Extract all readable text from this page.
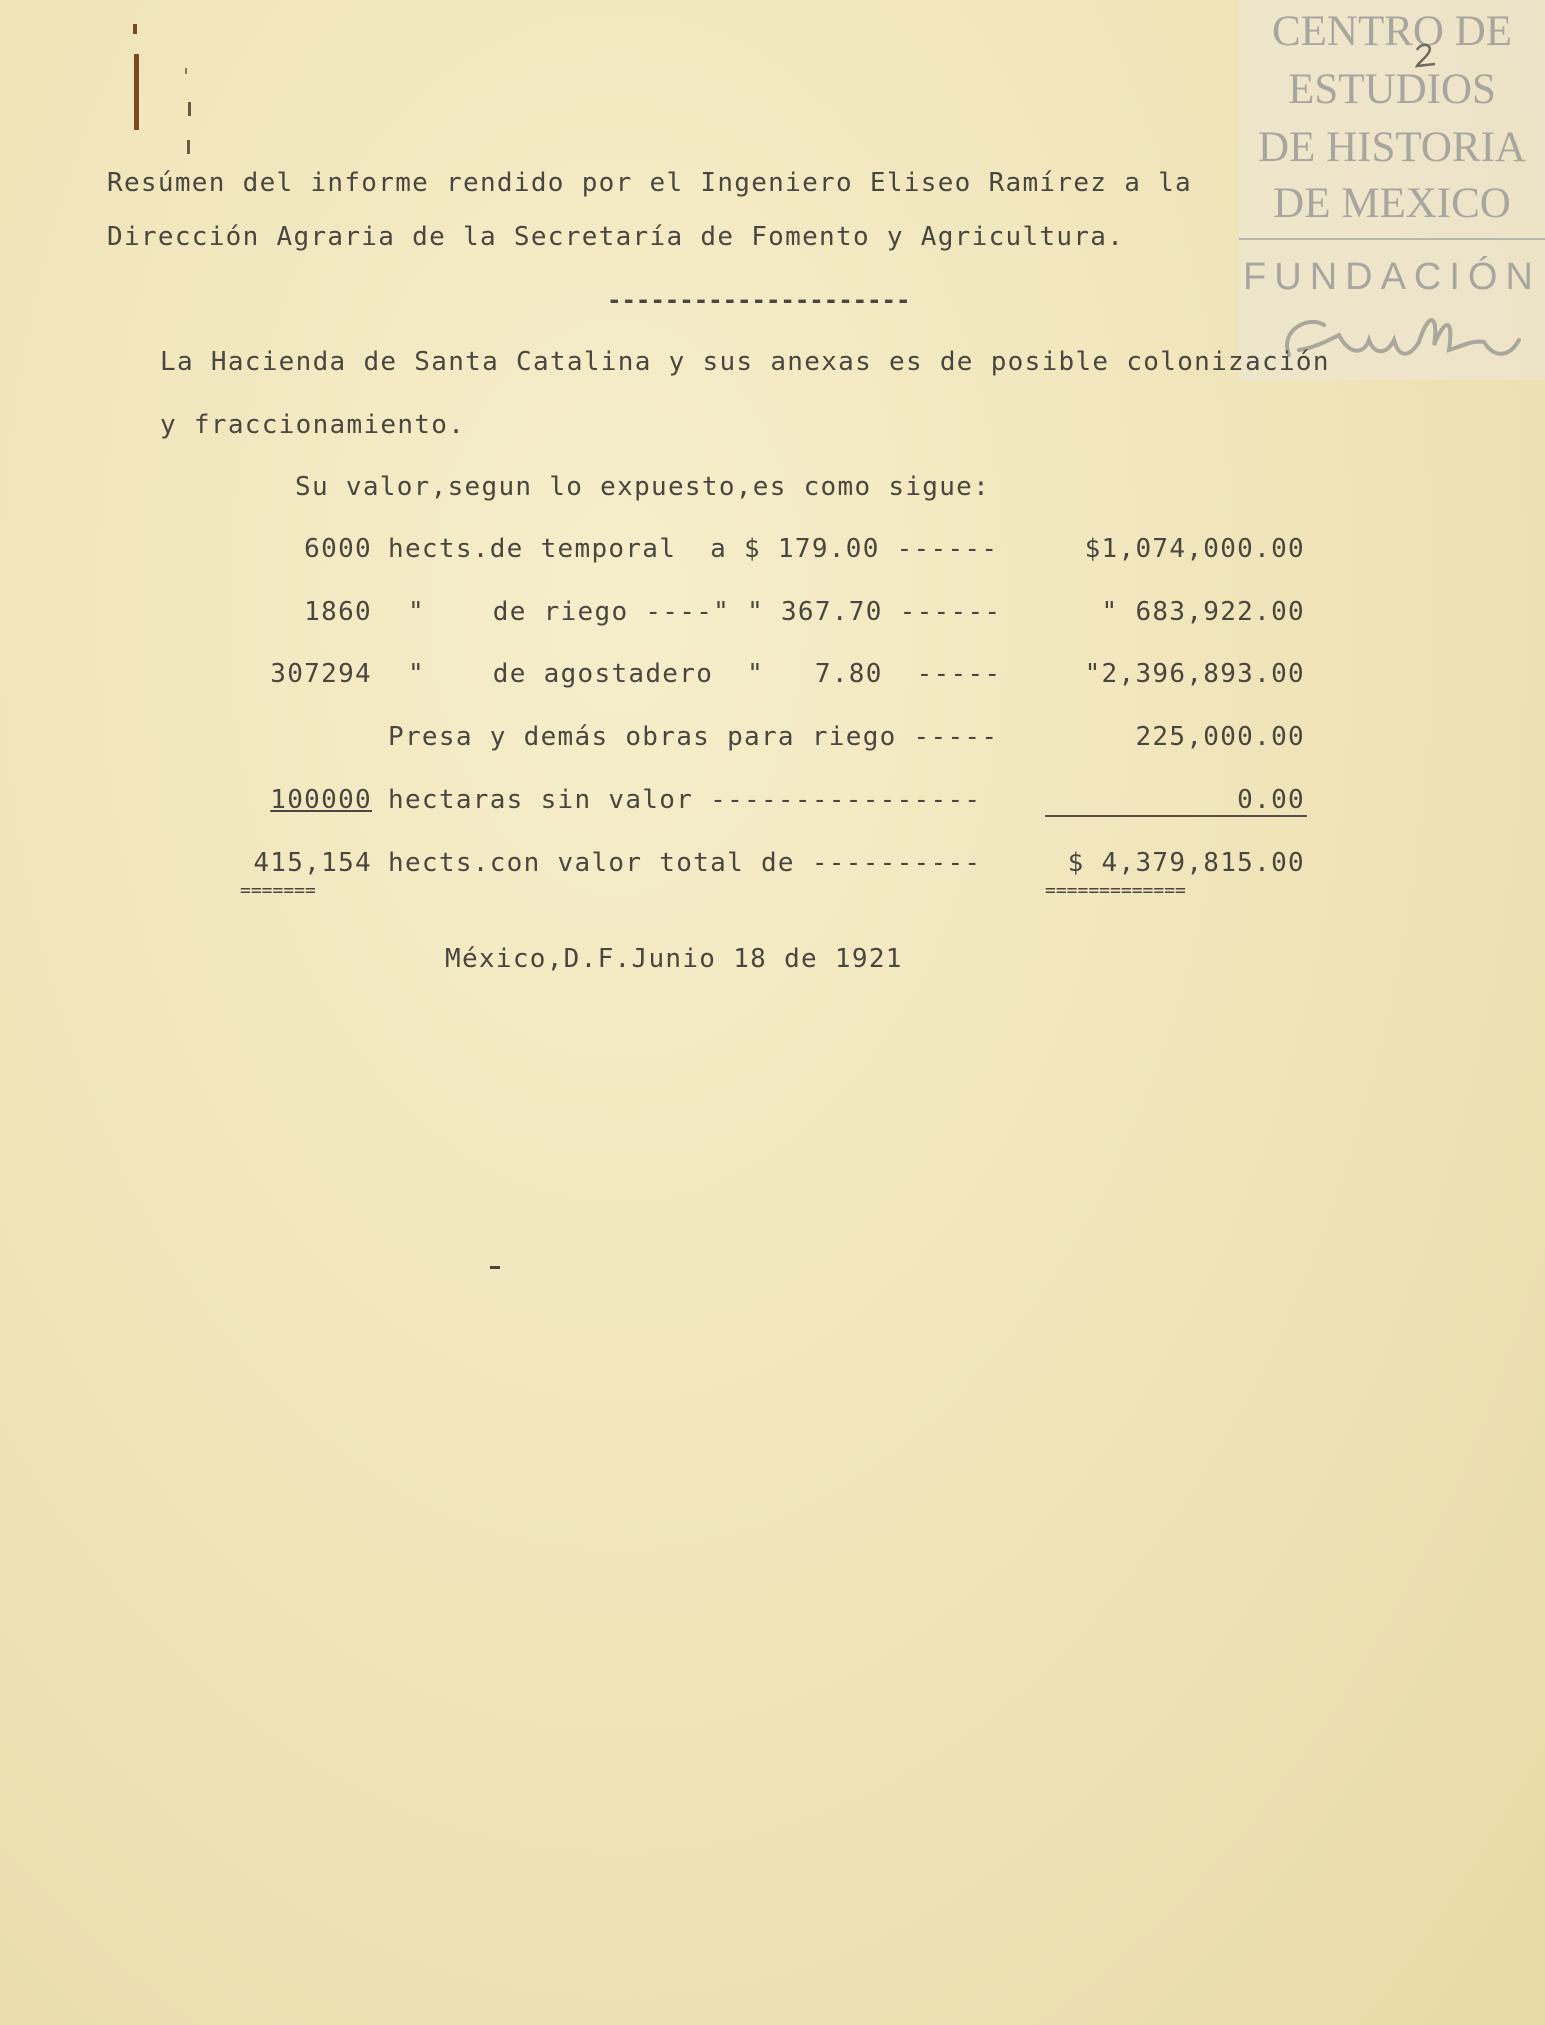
CENTRO DE
ESTUDIOS
DE HISTORIA
DE MEXICO
FUNDACIÓN
Resúmen del informe rendido por el Ingeniero Eliseo Ramírez a la
Dirección Agraria de la Secretaría de Fomento y Agricultura.
---------------------
La Hacienda de Santa Catalina y sus anexas es de posible colonización
y fraccionamiento.
Su valor,segun lo expuesto,es como sigue:
6000 hects.de temporal  a $ 179.00 ------	$1,074,000.00
1860 "    de riego ----" " 367.70 ------	" 683,922.00
307294 "    de agostadero  "   7.80  -----	"2,396,893.00
Presa y demás obras para riego -----	225,000.00
100000 hectaras sin valor ----------------	0.00
415,154 hects.con valor total de ----------	$ 4,379,815.00
=======	=============
México,D.F.Junio 18 de 1921
